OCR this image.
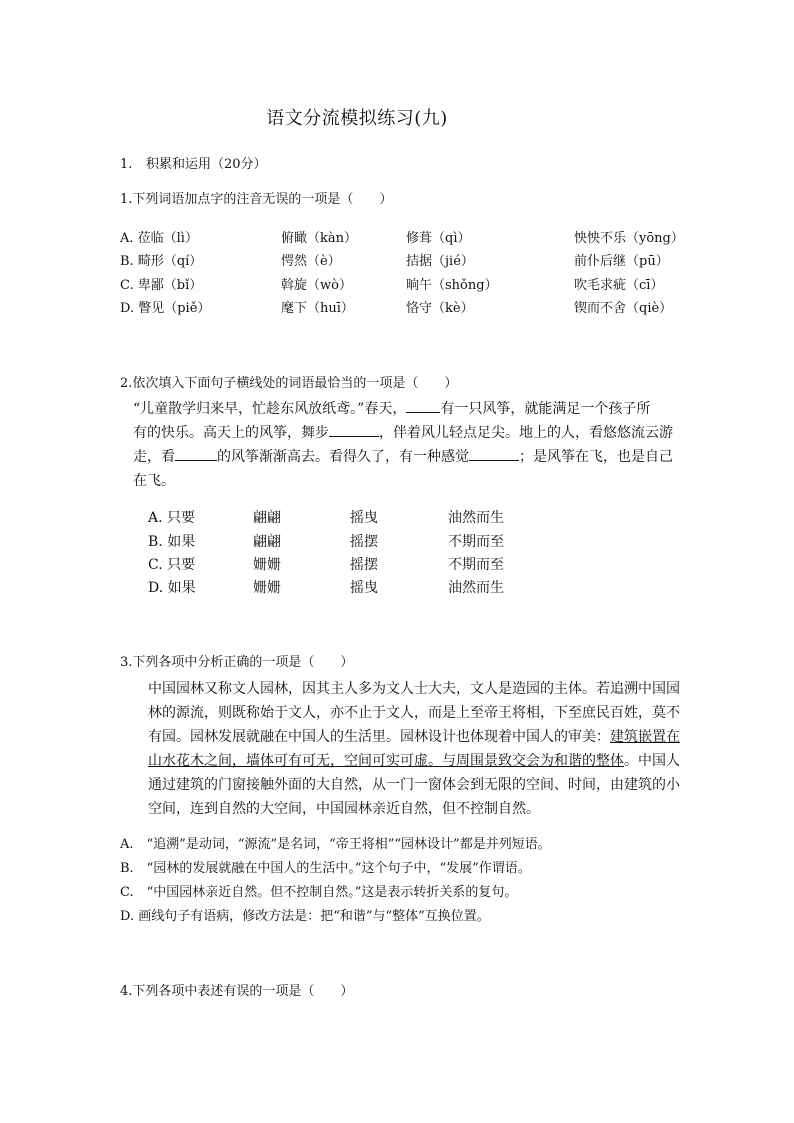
语文分流模拟练习(九)
1. 积累和运用（20分）
1.下列词语加点字的注音无误的一项是（　　）
A. 莅临（lì）	俯瞰（kàn）	修葺（qì）	怏怏不乐（yōng）
B. 畸形（qí）	愕然（è）	拮据（jié）	前仆后继（pū）
C. 卑鄙（bǐ）	斡旋（wò）	晌午（shǒng）	吹毛求疵（cī）
D. 瞥见（piě）	麾下（huī）	恪守（kè）	锲而不舍（qiè）
2.依次填入下面句子横线处的词语最恰当的一项是（　　）
“儿童散学归来早，忙趁东风放纸鸢。”春天， 有一只风筝，就能满足一个孩子所
有的快乐。高天上的风筝，舞步	，伴着风儿轻点足尖。地上的人，看悠悠流云游
走，看	的风筝渐渐高去。看得久了，有一种感觉	；是风筝在飞，也是自己
在飞。
A. 只要	翩翩	摇曳	油然而生
B. 如果	翩翩	摇摆	不期而至
C. 只要	姗姗	摇摆	不期而至
D. 如果	姗姗	摇曳	油然而生
3.下列各项中分析正确的一项是（　　）
中国园林又称文人园林，因其主人多为文人士大夫，文人是造园的主体。若追溯中国园
林的源流，则既称始于文人，亦不止于文人，而是上至帝王将相，下至庶民百姓，莫不
有园。园林发展就融在中国人的生活里。园林设计也体现着中国人的审美：建筑嵌置在
山水花木之间，墙体可有可无，空间可实可虚。与周围景致交会为和谐的整体。中国人
通过建筑的门窗接触外面的大自然，从一门一窗体会到无限的空间、时间，由建筑的小
空间，连到自然的大空间，中国园林亲近自然，但不控制自然。
A.　“追溯”是动词，“源流”是名词，“帝王将相”“园林设计”都是并列短语。
B.　“园林的发展就融在中国人的生活中。”这个句子中，“发展”作谓语。
C.　“中国园林亲近自然。但不控制自然。”这是表示转折关系的复句。
D. 画线句子有语病，修改方法是：把“和谐”与“整体”互换位置。
4.下列各项中表述有误的一项是（　　）
